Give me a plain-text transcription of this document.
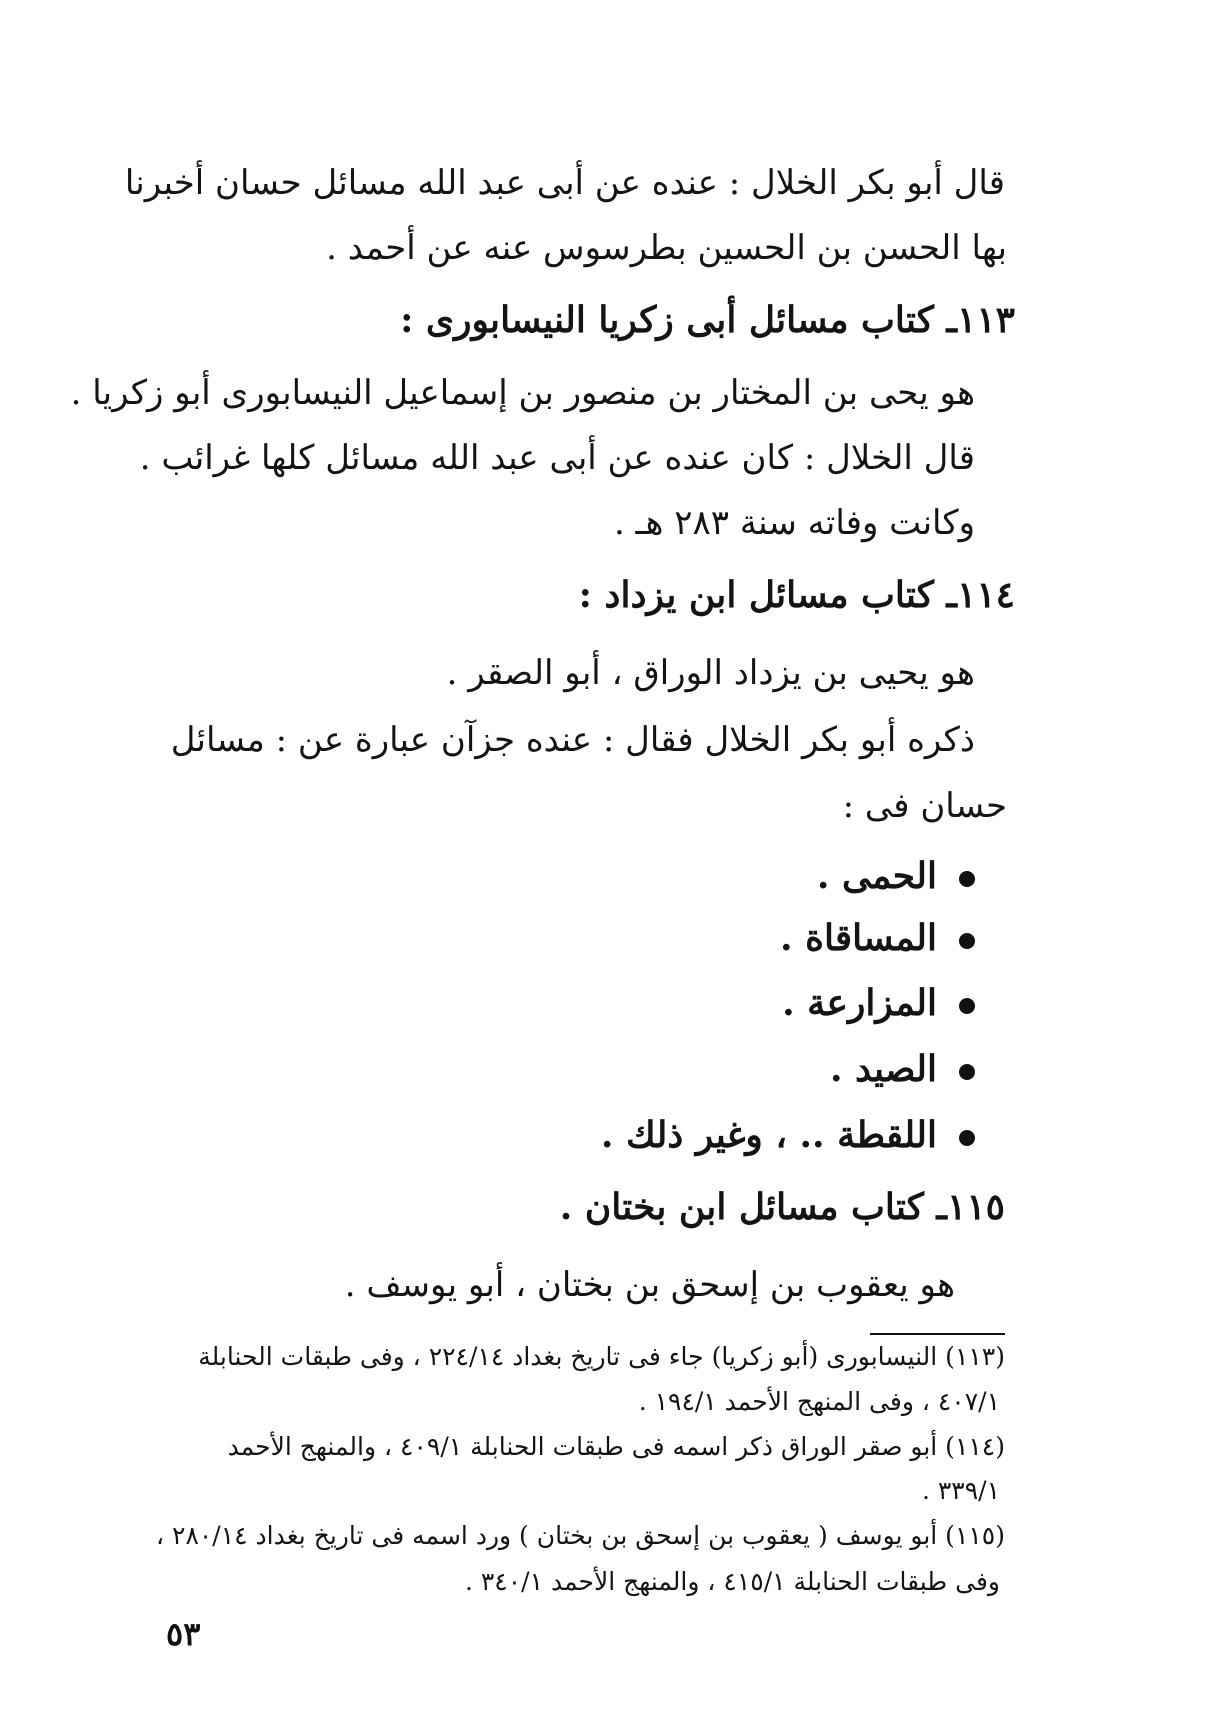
قال أبو بكر الخلال : عنده عن أبى عبد الله مسائل حسان أخبرنا
بها الحسن بن الحسين بطرسوس عنه عن أحمد .
١١٣ـ كتاب مسائل أبى زكريا النيسابورى :
هو يحى بن المختار بن منصور بن إسماعيل النيسابورى أبو زكريا .
قال الخلال : كان عنده عن أبى عبد الله مسائل كلها غرائب .
وكانت وفاته سنة ٢٨٣ هـ .
١١٤ـ كتاب مسائل ابن يزداد :
هو يحيى بن يزداد الوراق ، أبو الصقر .
ذكره أبو بكر الخلال فقال : عنده جزآن عبارة عن : مسائل
حسان فى :
الحمى .
المساقاة .
المزارعة .
الصيد .
اللقطة .. ، وغير ذلك .
١١٥ـ كتاب مسائل ابن بختان .
هو يعقوب بن إسحق بن بختان ، أبو يوسف .
(١١٣) النيسابورى (أبو زكريا) جاء فى تاريخ بغداد ٢٢٤/١٤ ، وفى طبقات الحنابلة
٤٠٧/١ ، وفى المنهج الأحمد ١٩٤/١ .
(١١٤) أبو صقر الوراق ذكر اسمه فى طبقات الحنابلة ٤٠٩/١ ، والمنهج الأحمد
٣٣٩/١ .
(١١٥) أبو يوسف ( يعقوب بن إسحق بن بختان ) ورد اسمه فى تاريخ بغداد ٢٨٠/١٤ ،
وفى طبقات الحنابلة ٤١٥/١ ، والمنهج الأحمد ٣٤٠/١ .
٥٣
